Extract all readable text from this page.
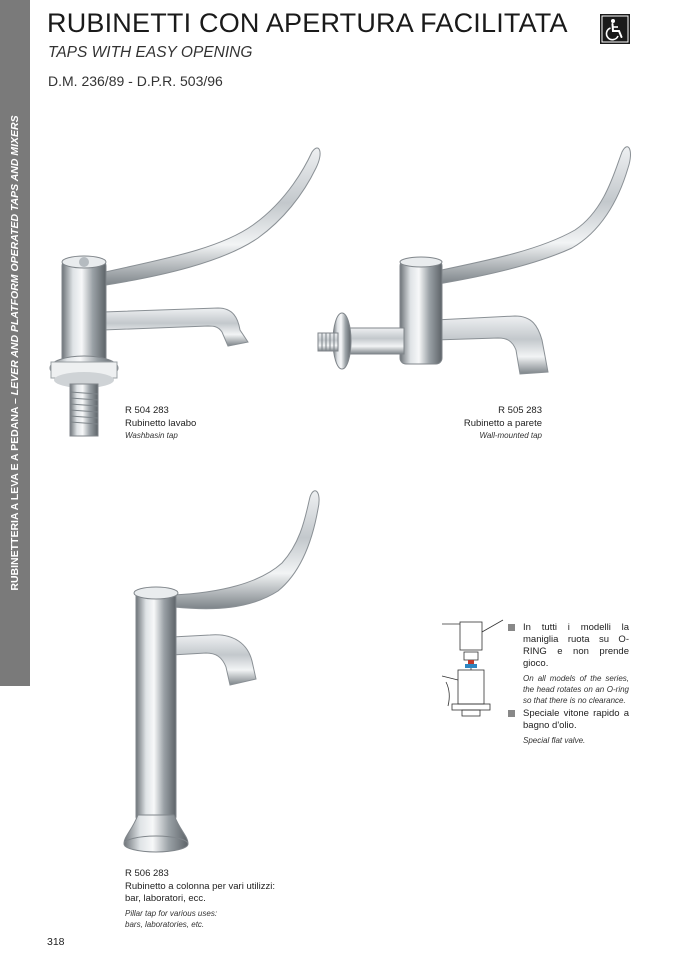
RUBINETTERIA A LEVA E A PEDANA – LEVER AND PLATFORM OPERATED TAPS AND MIXERS
RUBINETTI CON APERTURA FACILITATA
TAPS WITH EASY OPENING
D.M. 236/89 - D.P.R. 503/96
R 504 283
Rubinetto lavabo
Washbasin tap
R 505 283
Rubinetto a parete
Wall-mounted tap
In tutti i modelli la maniglia ruota su O-RING e non prende gioco.
On all models of the series, the head rotates on an O-ring so that there is no clearance.
Speciale vitone rapido a bagno d'olio.
Special flat valve.
R 506 283
Rubinetto a colonna per vari utilizzi:
bar, laboratori, ecc.
Pillar tap for various uses:
bars, laboratories, etc.
318
